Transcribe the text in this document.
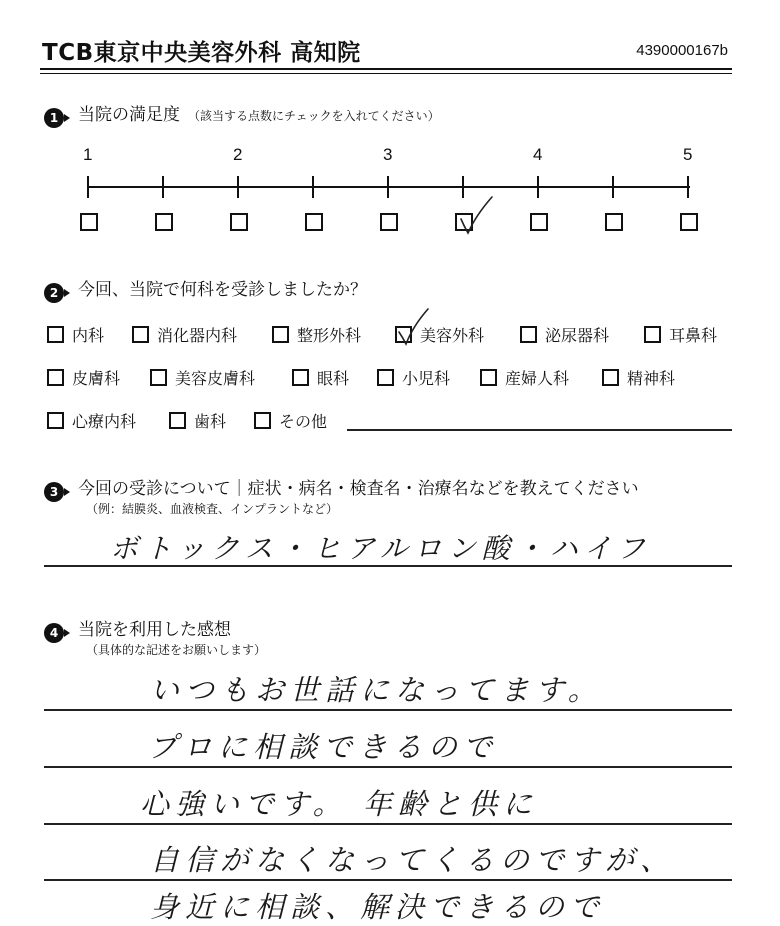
TCB東京中央美容外科 高知院	4390000167b
1	当院の満足度 （該当する点数にチェックを入れてください）
1	2	3	4	5
2	今回、当院で何科を受診しましたか？
内科	消化器内科	整形外科	美容外科	泌尿器科	耳鼻科
皮膚科	美容皮膚科	眼科	小児科	産婦人科	精神科
心療内科	歯科	その他
3	今回の受診について｜症状・病名・検査名・治療名などを教えてください
（例：結膜炎、血液検査、インプラントなど）
ボトックス・ヒアルロン酸・ハイフ
4	当院を利用した感想
（具体的な記述をお願いします）
いつもお世話になってます。
プロに相談できるので
心強いです。 年齢と供に
自信がなくなってくるのですが、
身近に相談、解決できるので
